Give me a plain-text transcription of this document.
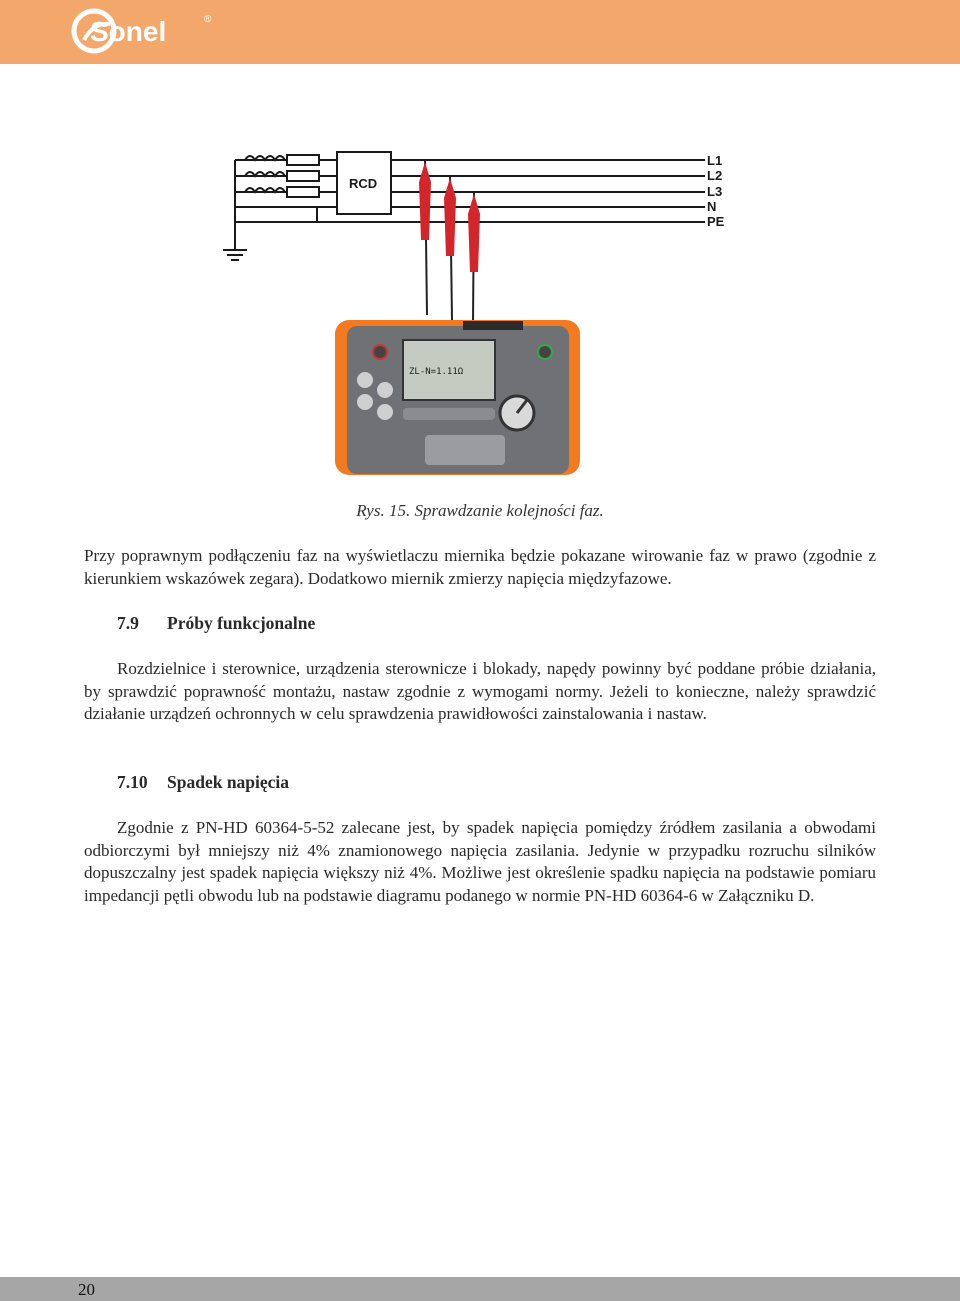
Sonel	®
RCD
L1
L2
L3
N
PE
ZL-N=1.11Ω
Rys. 15. Sprawdzanie kolejności faz.

Przy poprawnym podłączeniu faz na wyświetlaczu miernika będzie pokazane wirowanie faz w prawo (zgodnie z kierunkiem wskazówek zegara). Dodatkowo miernik zmierzy napięcia międzyfazowe.

7.9 Próby funkcjonalne

Rozdzielnice i sterownice, urządzenia sterownicze i blokady, napędy powinny być poddane próbie działania, by sprawdzić poprawność montażu, nastaw zgodnie z wymogami normy. Jeżeli to konieczne, należy sprawdzić działanie urządzeń ochronnych w celu sprawdzenia prawidłowości zainstalowania i nastaw.

7.10 Spadek napięcia

Zgodnie z PN-HD 60364-5-52 zalecane jest, by spadek napięcia pomiędzy źródłem zasilania a obwodami odbiorczymi był mniejszy niż 4% znamionowego napięcia zasilania. Jedynie w przypadku rozruchu silników dopuszczalny jest spadek napięcia większy niż 4%. Możliwe jest określenie spadku napięcia na podstawie pomiaru impedancji pętli obwodu lub na podstawie diagramu podanego w normie PN-HD 60364-6 w Załączniku D.

20
